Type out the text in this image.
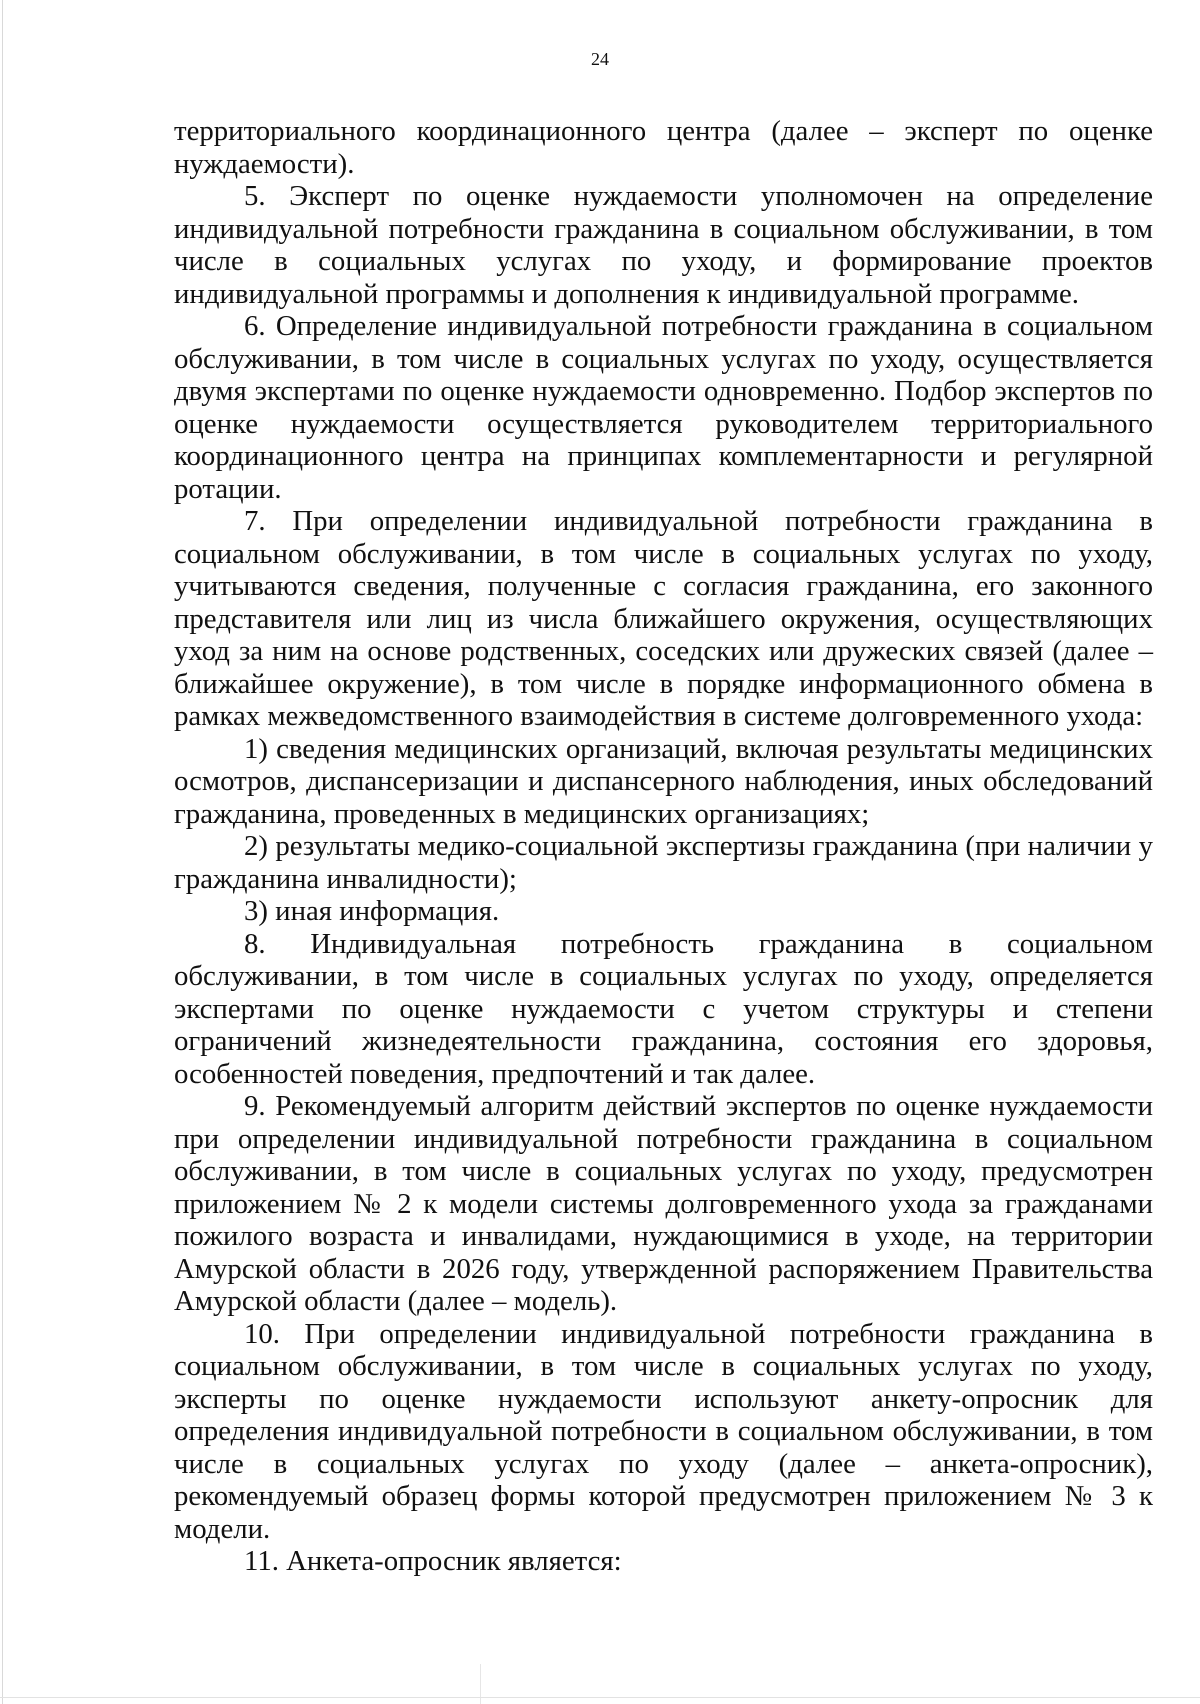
24

территориального координационного центра (далее – эксперт по оценке нуждаемости).

5. Эксперт по оценке нуждаемости уполномочен на определение индивидуальной потребности гражданина в социальном обслуживании, в том числе в социальных услугах по уходу, и формирование проектов индивидуальной программы и дополнения к индивидуальной программе.

6. Определение индивидуальной потребности гражданина в социальном обслуживании, в том числе в социальных услугах по уходу, осуществляется двумя экспертами по оценке нуждаемости одновременно. Подбор экспертов по оценке нуждаемости осуществляется руководителем территориального координационного центра на принципах комплементарности и регулярной ротации.

7. При определении индивидуальной потребности гражданина в социальном обслуживании, в том числе в социальных услугах по уходу, учитываются сведения, полученные с согласия гражданина, его законного представителя или лиц из числа ближайшего окружения, осуществляющих уход за ним на основе родственных, соседских или дружеских связей (далее – ближайшее окружение), в том числе в порядке информационного обмена в рамках межведомственного взаимодействия в системе долговременного ухода:

1) сведения медицинских организаций, включая результаты медицинских осмотров, диспансеризации и диспансерного наблюдения, иных обследований гражданина, проведенных в медицинских организациях;

2) результаты медико-социальной экспертизы гражданина (при наличии у гражданина инвалидности);

3) иная информация.

8. Индивидуальная потребность гражданина в социальном обслуживании, в том числе в социальных услугах по уходу, определяется экспертами по оценке нуждаемости с учетом структуры и степени ограничений жизнедеятельности гражданина, состояния его здоровья, особенностей поведения, предпочтений и так далее.

9. Рекомендуемый алгоритм действий экспертов по оценке нуждаемости при определении индивидуальной потребности гражданина в социальном обслуживании, в том числе в социальных услугах по уходу, предусмотрен приложением № 2 к модели системы долговременного ухода за гражданами пожилого возраста и инвалидами, нуждающимися в уходе, на территории Амурской области в 2026 году, утвержденной распоряжением Правительства Амурской области (далее – модель).

10. При определении индивидуальной потребности гражданина в социальном обслуживании, в том числе в социальных услугах по уходу, эксперты по оценке нуждаемости используют анкету-опросник для определения индивидуальной потребности в социальном обслуживании, в том числе в социальных услугах по уходу (далее – анкета-опросник), рекомендуемый образец формы которой предусмотрен приложением № 3 к модели.

11. Анкета-опросник является:
